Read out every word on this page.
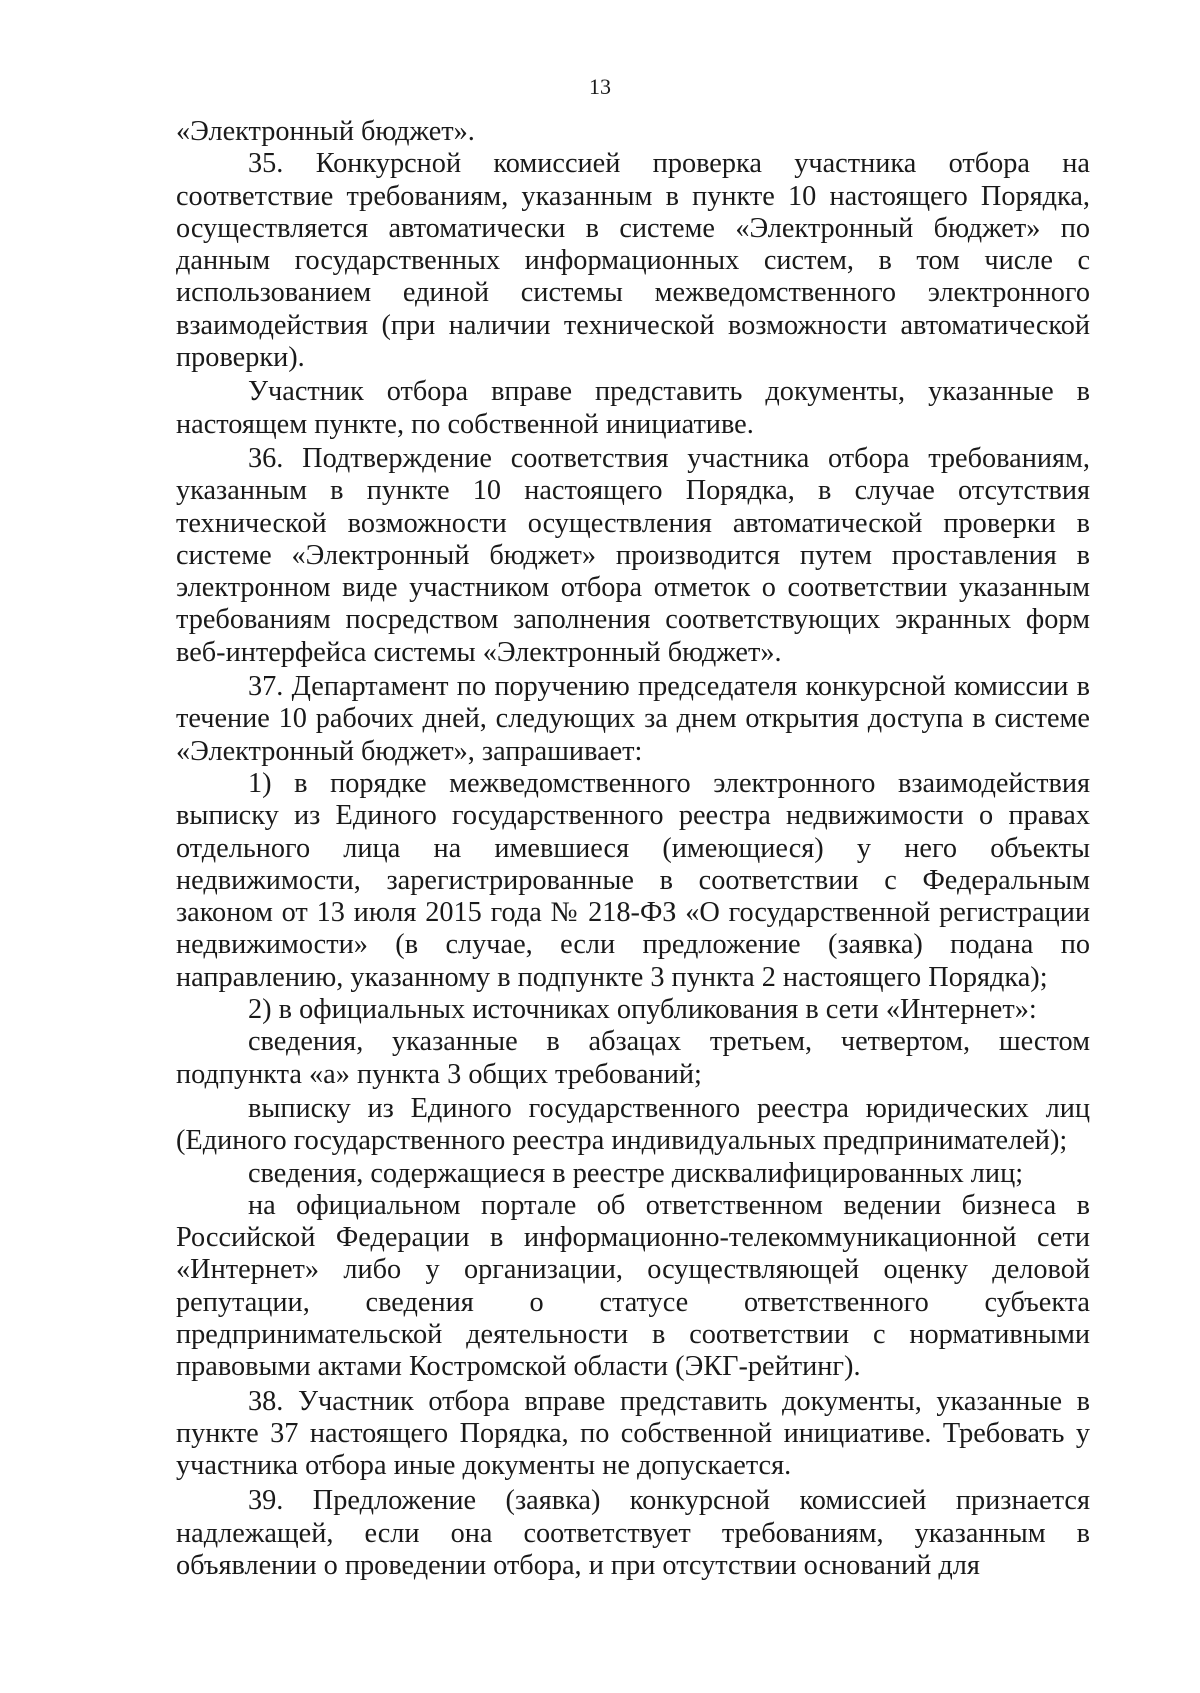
13

«Электронный бюджет».

35. Конкурсной комиссией проверка участника отбора на соответствие требованиям, указанным в пункте 10 настоящего Порядка, осуществляется автоматически в системе «Электронный бюджет» по данным государственных информационных систем, в том числе с использованием единой системы межведомственного электронного взаимодействия (при наличии технической возможности автоматической проверки).

Участник отбора вправе представить документы, указанные в настоящем пункте, по собственной инициативе.

36. Подтверждение соответствия участника отбора требованиям, указанным в пункте 10 настоящего Порядка, в случае отсутствия технической возможности осуществления автоматической проверки в системе «Электронный бюджет» производится путем проставления в электронном виде участником отбора отметок о соответствии указанным требованиям посредством заполнения соответствующих экранных форм веб-интерфейса системы «Электронный бюджет».

37. Департамент по поручению председателя конкурсной комиссии в течение 10 рабочих дней, следующих за днем открытия доступа в системе «Электронный бюджет», запрашивает:

1) в порядке межведомственного электронного взаимодействия выписку из Единого государственного реестра недвижимости о правах отдельного лица на имевшиеся (имеющиеся) у него объекты недвижимости, зарегистрированные в соответствии с Федеральным законом от 13 июля 2015 года № 218-ФЗ «О государственной регистрации недвижимости» (в случае, если предложение (заявка) подана по направлению, указанному в подпункте 3 пункта 2 настоящего Порядка);

2) в официальных источниках опубликования в сети «Интернет»:

сведения, указанные в абзацах третьем, четвертом, шестом подпункта «а» пункта 3 общих требований;

выписку из Единого государственного реестра юридических лиц (Единого государственного реестра индивидуальных предпринимателей);

сведения, содержащиеся в реестре дисквалифицированных лиц;

на официальном портале об ответственном ведении бизнеса в Российской Федерации в информационно-телекоммуникационной сети «Интернет» либо у организации, осуществляющей оценку деловой репутации, сведения о статусе ответственного субъекта предпринимательской деятельности в соответствии с нормативными правовыми актами Костромской области (ЭКГ-рейтинг).

38. Участник отбора вправе представить документы, указанные в пункте 37 настоящего Порядка, по собственной инициативе. Требовать у участника отбора иные документы не допускается.

39. Предложение (заявка) конкурсной комиссией признается надлежащей, если она соответствует требованиям, указанным в объявлении о проведении отбора, и при отсутствии оснований для
